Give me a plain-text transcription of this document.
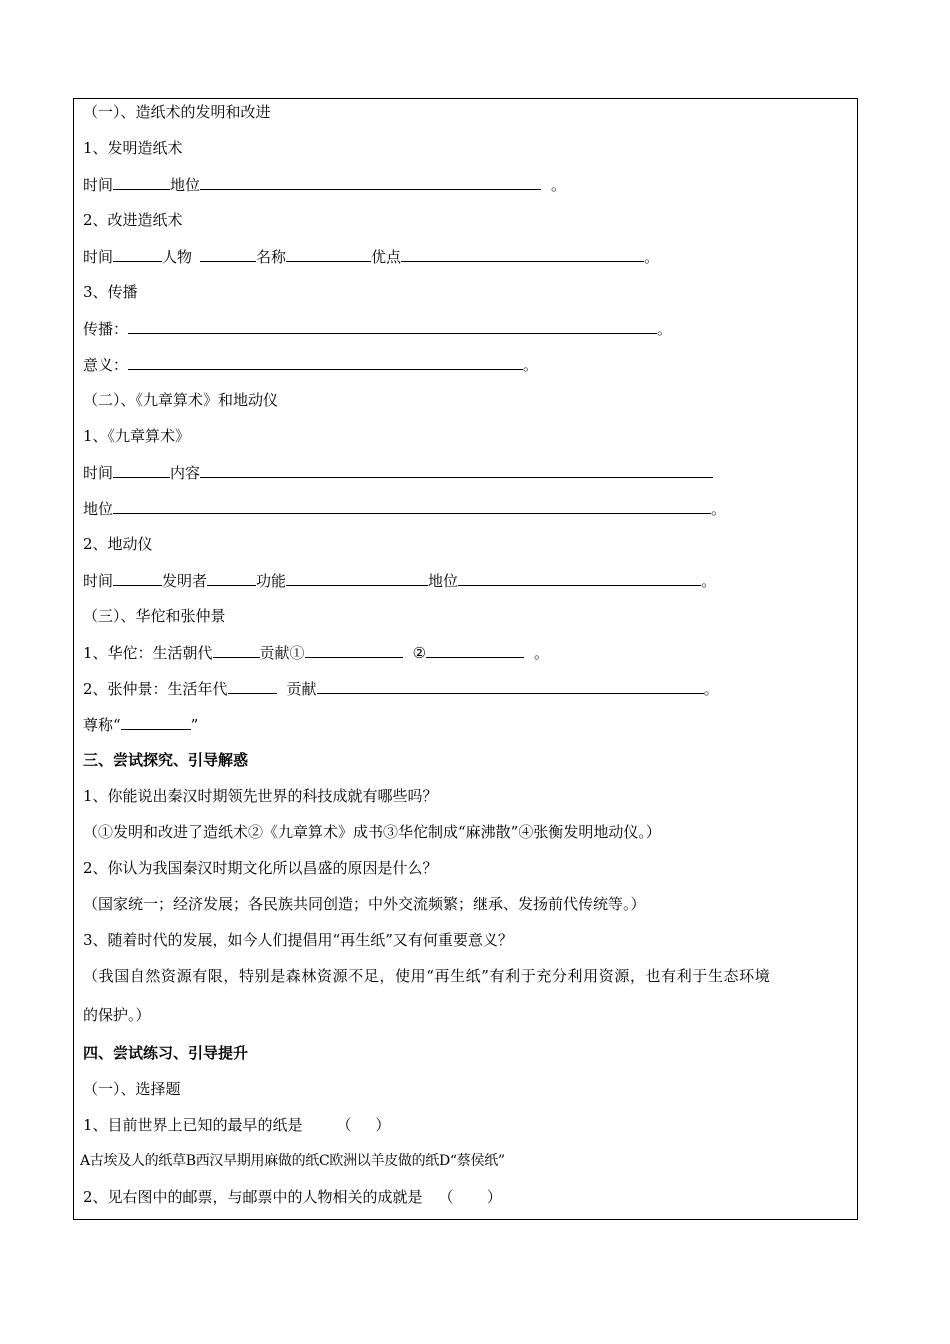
（一）、造纸术的发明和改进
1、发明造纸术
时间	地位	。
2、改进造纸术
时间	人物	名称	优点	。
3、传播
传播：	。
意义：	。
（二）、《九章算术》和地动仪
1、《九章算术》
时间	内容
地位	。
2、地动仪
时间	发明者	功能	地位	。
（三）、华佗和张仲景
1、华佗：生活朝代	贡献①	②	。
2、张仲景：生活年代	贡献	。
尊称“	”
三、尝试探究、引导解惑
1、你能说出秦汉时期领先世界的科技成就有哪些吗？
（①发明和改进了造纸术②《九章算术》成书③华佗制成“麻沸散”④张衡发明地动仪。）
2、你认为我国秦汉时期文化所以昌盛的原因是什么？
（国家统一；经济发展；各民族共同创造；中外交流频繁；继承、发扬前代传统等。）
3、随着时代的发展，如今人们提倡用“再生纸”又有何重要意义？
（我国自然资源有限，特别是森林资源不足，使用“再生纸”有利于充分利用资源，也有利于生态环境
的保护。）
四、尝试练习、引导提升
（一）、选择题
1、目前世界上已知的最早的纸是 （     ）
A古埃及人的纸草B西汉早期用麻做的纸C欧洲以羊皮做的纸D“蔡侯纸”
2、见右图中的邮票，与邮票中的人物相关的成就是 （       ）
